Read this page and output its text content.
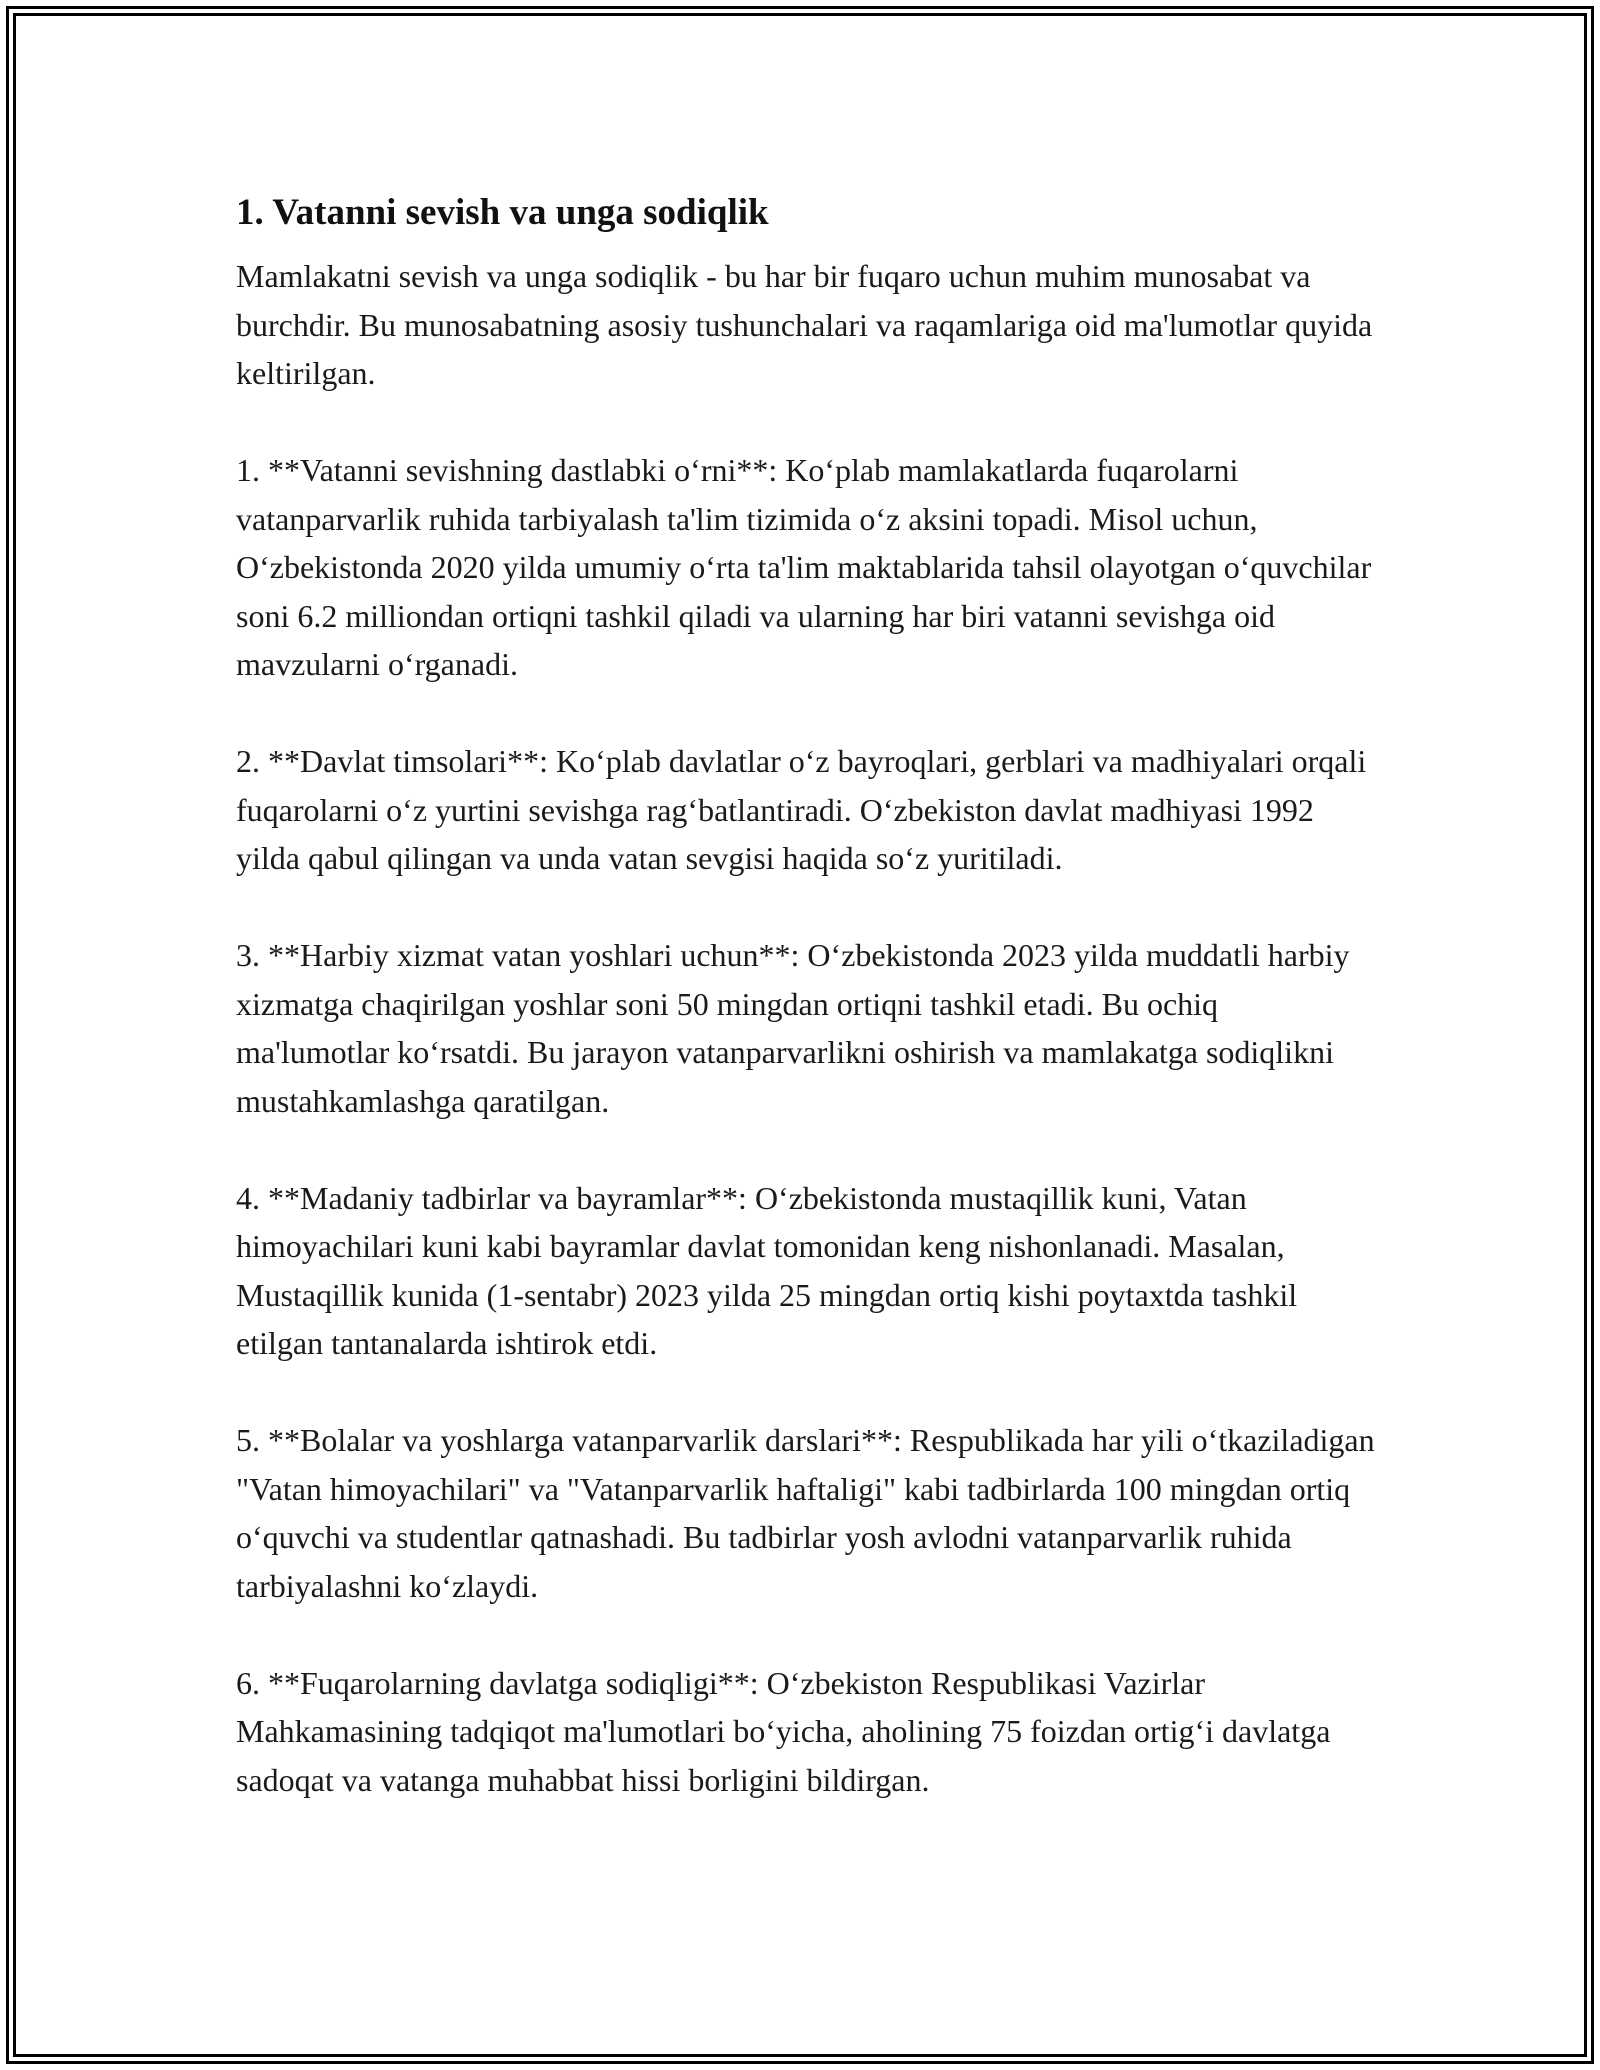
1. Vatanni sevish va unga sodiqlik

Mamlakatni sevish va unga sodiqlik - bu har bir fuqaro uchun muhim munosabat va burchdir. Bu munosabatning asosiy tushunchalari va raqamlariga oid ma'lumotlar quyida keltirilgan.

1. **Vatanni sevishning dastlabki o‘rni**: Ko‘plab mamlakatlarda fuqarolarni vatanparvarlik ruhida tarbiyalash ta'lim tizimida o‘z aksini topadi. Misol uchun, O‘zbekistonda 2020 yilda umumiy o‘rta ta'lim maktablarida tahsil olayotgan o‘quvchilar soni 6.2 milliondan ortiqni tashkil qiladi va ularning har biri vatanni sevishga oid mavzularni o‘rganadi.

2. **Davlat timsolari**: Ko‘plab davlatlar o‘z bayroqlari, gerblari va madhiyalari orqali fuqarolarni o‘z yurtini sevishga rag‘batlantiradi. O‘zbekiston davlat madhiyasi 1992 yilda qabul qilingan va unda vatan sevgisi haqida so‘z yuritiladi.

3. **Harbiy xizmat vatan yoshlari uchun**: O‘zbekistonda 2023 yilda muddatli harbiy xizmatga chaqirilgan yoshlar soni 50 mingdan ortiqni tashkil etadi. Bu ochiq ma'lumotlar ko‘rsatdi. Bu jarayon vatanparvarlikni oshirish va mamlakatga sodiqlikni mustahkamlashga qaratilgan.

4. **Madaniy tadbirlar va bayramlar**: O‘zbekistonda mustaqillik kuni, Vatan himoyachilari kuni kabi bayramlar davlat tomonidan keng nishonlanadi. Masalan, Mustaqillik kunida (1-sentabr) 2023 yilda 25 mingdan ortiq kishi poytaxtda tashkil etilgan tantanalarda ishtirok etdi.

5. **Bolalar va yoshlarga vatanparvarlik darslari**: Respublikada har yili o‘tkaziladigan "Vatan himoyachilari" va "Vatanparvarlik haftaligi" kabi tadbirlarda 100 mingdan ortiq o‘quvchi va studentlar qatnashadi. Bu tadbirlar yosh avlodni vatanparvarlik ruhida tarbiyalashni ko‘zlaydi.

6. **Fuqarolarning davlatga sodiqligi**: O‘zbekiston Respublikasi Vazirlar Mahkamasining tadqiqot ma'lumotlari bo‘yicha, aholining 75 foizdan ortig‘i davlatga sadoqat va vatanga muhabbat hissi borligini bildirgan.
